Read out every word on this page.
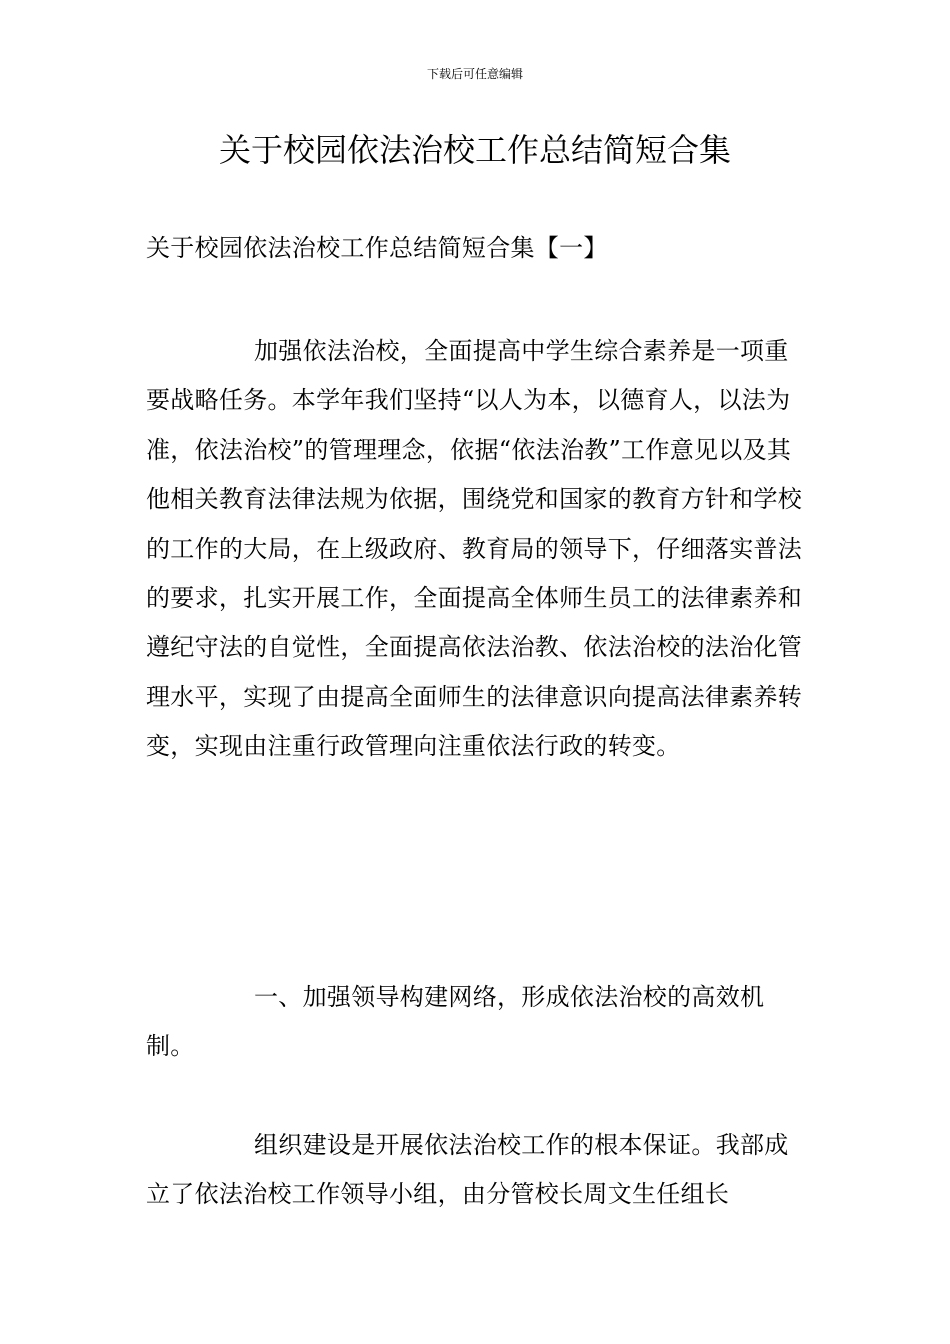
下载后可任意编辑
关于校园依法治校工作总结简短合集

关于校园依法治校工作总结简短合集【一】

加强依法治校，全面提高中学生综合素养是一项重要战略任务。本学年我们坚持“以人为本，以德育人，以法为准，依法治校”的管理理念，依据“依法治教”工作意见以及其他相关教育法律法规为依据，围绕党和国家的教育方针和学校的工作的大局，在上级政府、教育局的领导下，仔细落实普法的要求，扎实开展工作，全面提高全体师生员工的法律素养和遵纪守法的自觉性，全面提高依法治教、依法治校的法治化管理水平，实现了由提高全面师生的法律意识向提高法律素养转变，实现由注重行政管理向注重依法行政的转变。

一、加强领导构建网络，形成依法治校的高效机制。

组织建设是开展依法治校工作的根本保证。我部成立了依法治校工作领导小组，由分管校长周文生任组长
